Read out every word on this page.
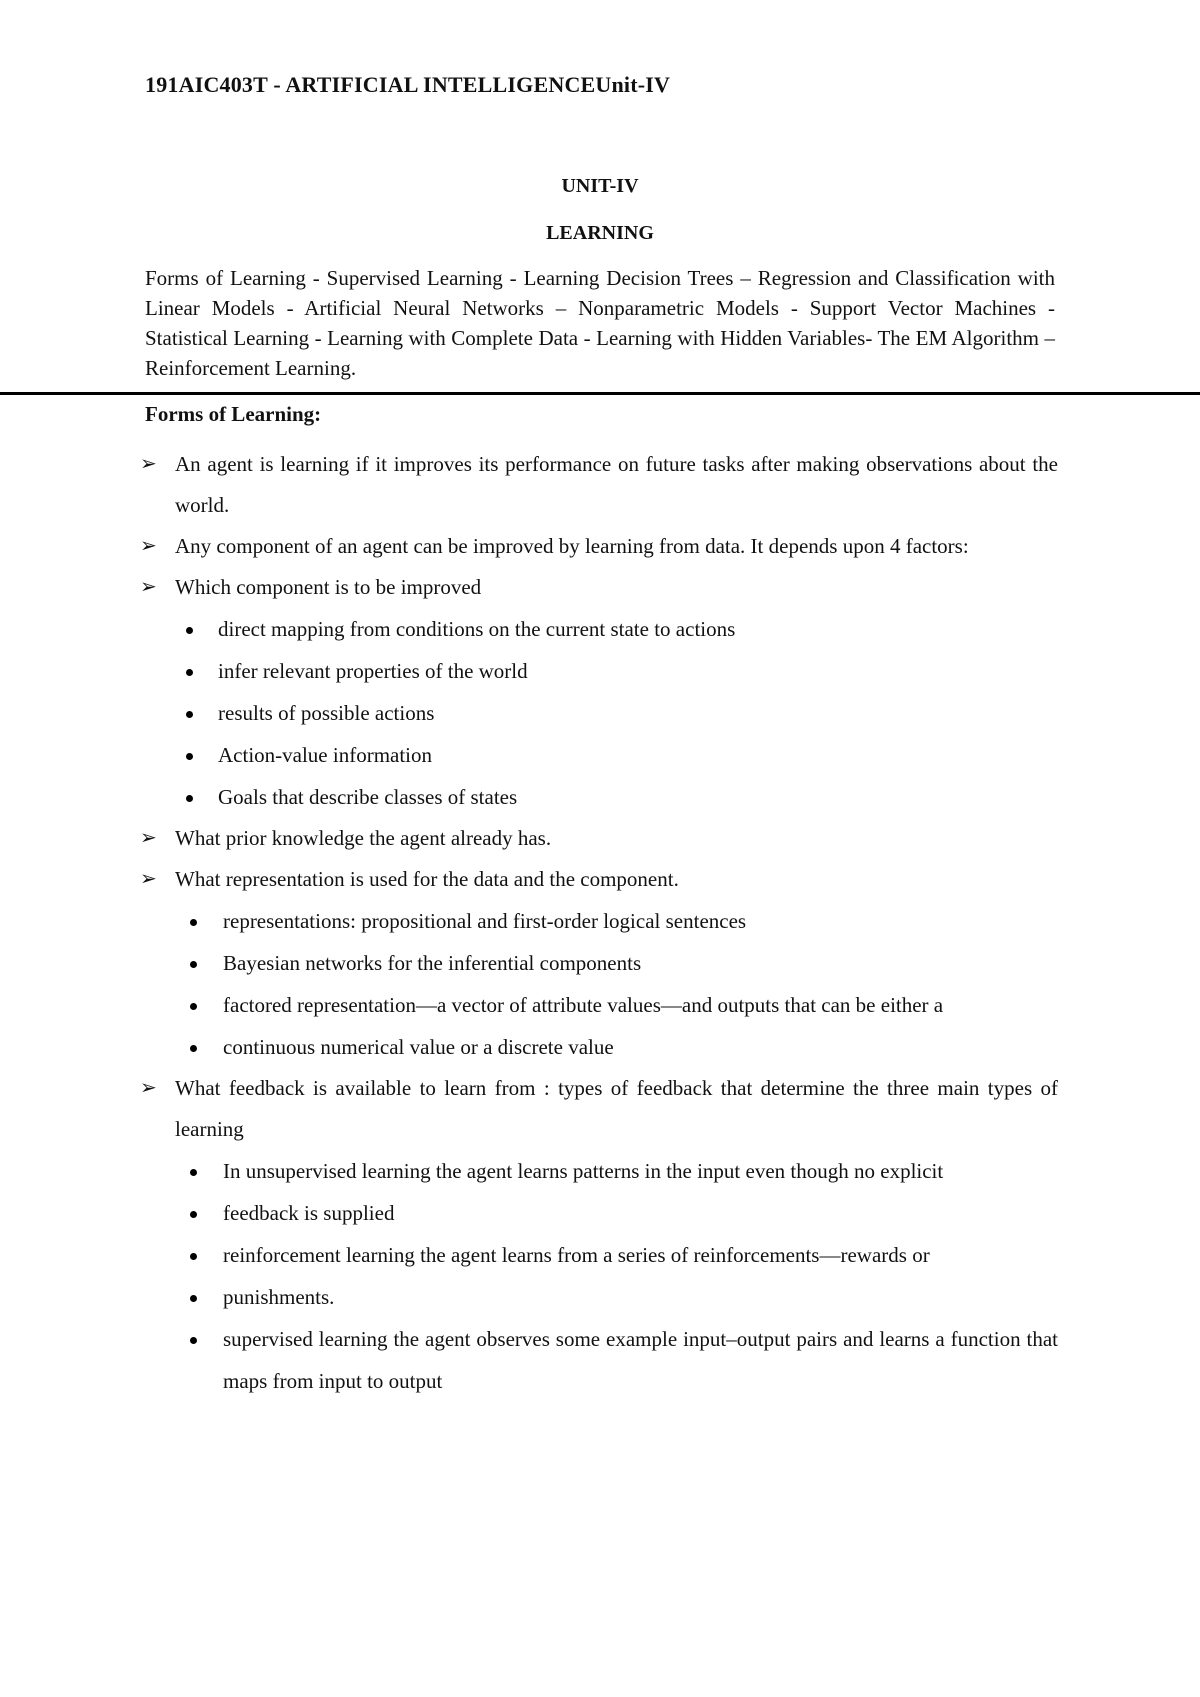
191AIC403T - ARTIFICIAL INTELLIGENCEUnit-IV
UNIT-IV
LEARNING
Forms of Learning - Supervised Learning - Learning Decision Trees – Regression and Classification with Linear Models - Artificial Neural Networks – Nonparametric Models - Support Vector Machines - Statistical Learning - Learning with Complete Data - Learning with Hidden Variables- The EM Algorithm – Reinforcement Learning.
Forms of Learning:
➢ An agent is learning if it improves its performance on future tasks after making observations about the world.
➢ Any component of an agent can be improved by learning from data. It depends upon 4 factors:
➢ Which component is to be improved
direct mapping from conditions on the current state to actions
infer relevant properties of the world
results of possible actions
Action-value information
Goals that describe classes of states
➢ What prior knowledge the agent already has.
➢ What representation is used for the data and the component.
representations: propositional and first-order logical sentences
Bayesian networks for the inferential components
factored representation—a vector of attribute values—and outputs that can be either a
continuous numerical value or a discrete value
➢ What feedback is available to learn from : types of feedback that determine the three main types of learning
In unsupervised learning the agent learns patterns in the input even though no explicit
feedback is supplied
reinforcement learning the agent learns from a series of reinforcements—rewards or
punishments.
supervised learning the agent observes some example input–output pairs and learns a function that maps from input to output
